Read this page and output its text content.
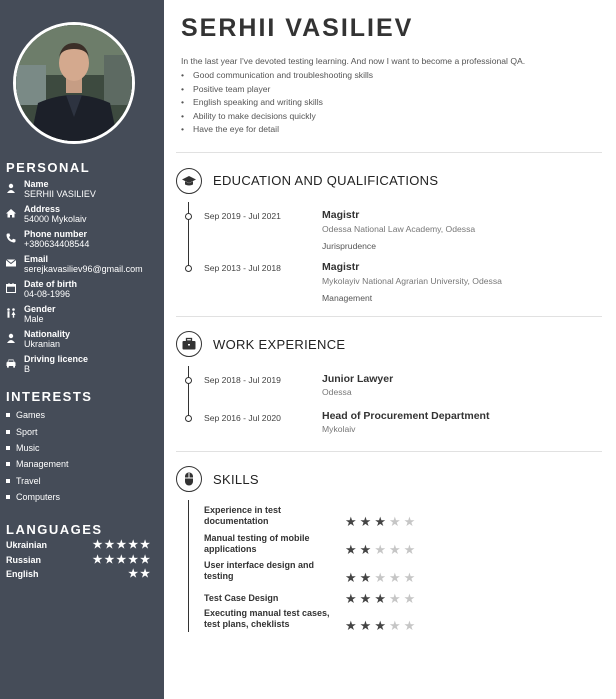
PERSONAL
Name
SERHII VASILIEV
Address
54000 Mykolaiv
Phone number
+380634408544
Email
serejkavasiliev96@gmail.com
Date of birth
04-08-1996
Gender
Male
Nationality
Ukranian
Driving licence
B
INTERESTS
Games
Sport
Music
Management
Travel
Computers
LANGUAGES
Ukrainian	★★★★★
Russian	★★★★★
English	★★
SERHII VASILIEV
In the last year I've devoted testing learning. And now I want to become a professional QA.
• Good communication and troubleshooting skills
• Positive team player
• English speaking and writing skills
• Ability to make decisions quickly
• Have the eye for detail
EDUCATION AND QUALIFICATIONS
Sep 2019 - Jul 2021	Magistr
Odessa National Law Academy, Odessa
Jurisprudence
Sep 2013 - Jul 2018	Magistr
Mykolayiv National Agrarian University, Odessa
Management
WORK EXPERIENCE
Sep 2018 - Jul 2019	Junior Lawyer
Odessa
Sep 2016 - Jul 2020	Head of Procurement Department
Mykolaiv
SKILLS
Experience in test documentation	★★★★★
Manual testing of mobile applications	★★★★★
User interface design and testing	★★★★★
Test Case Design	★★★★★
Executing manual test cases, test plans, cheklists	★★★★★
